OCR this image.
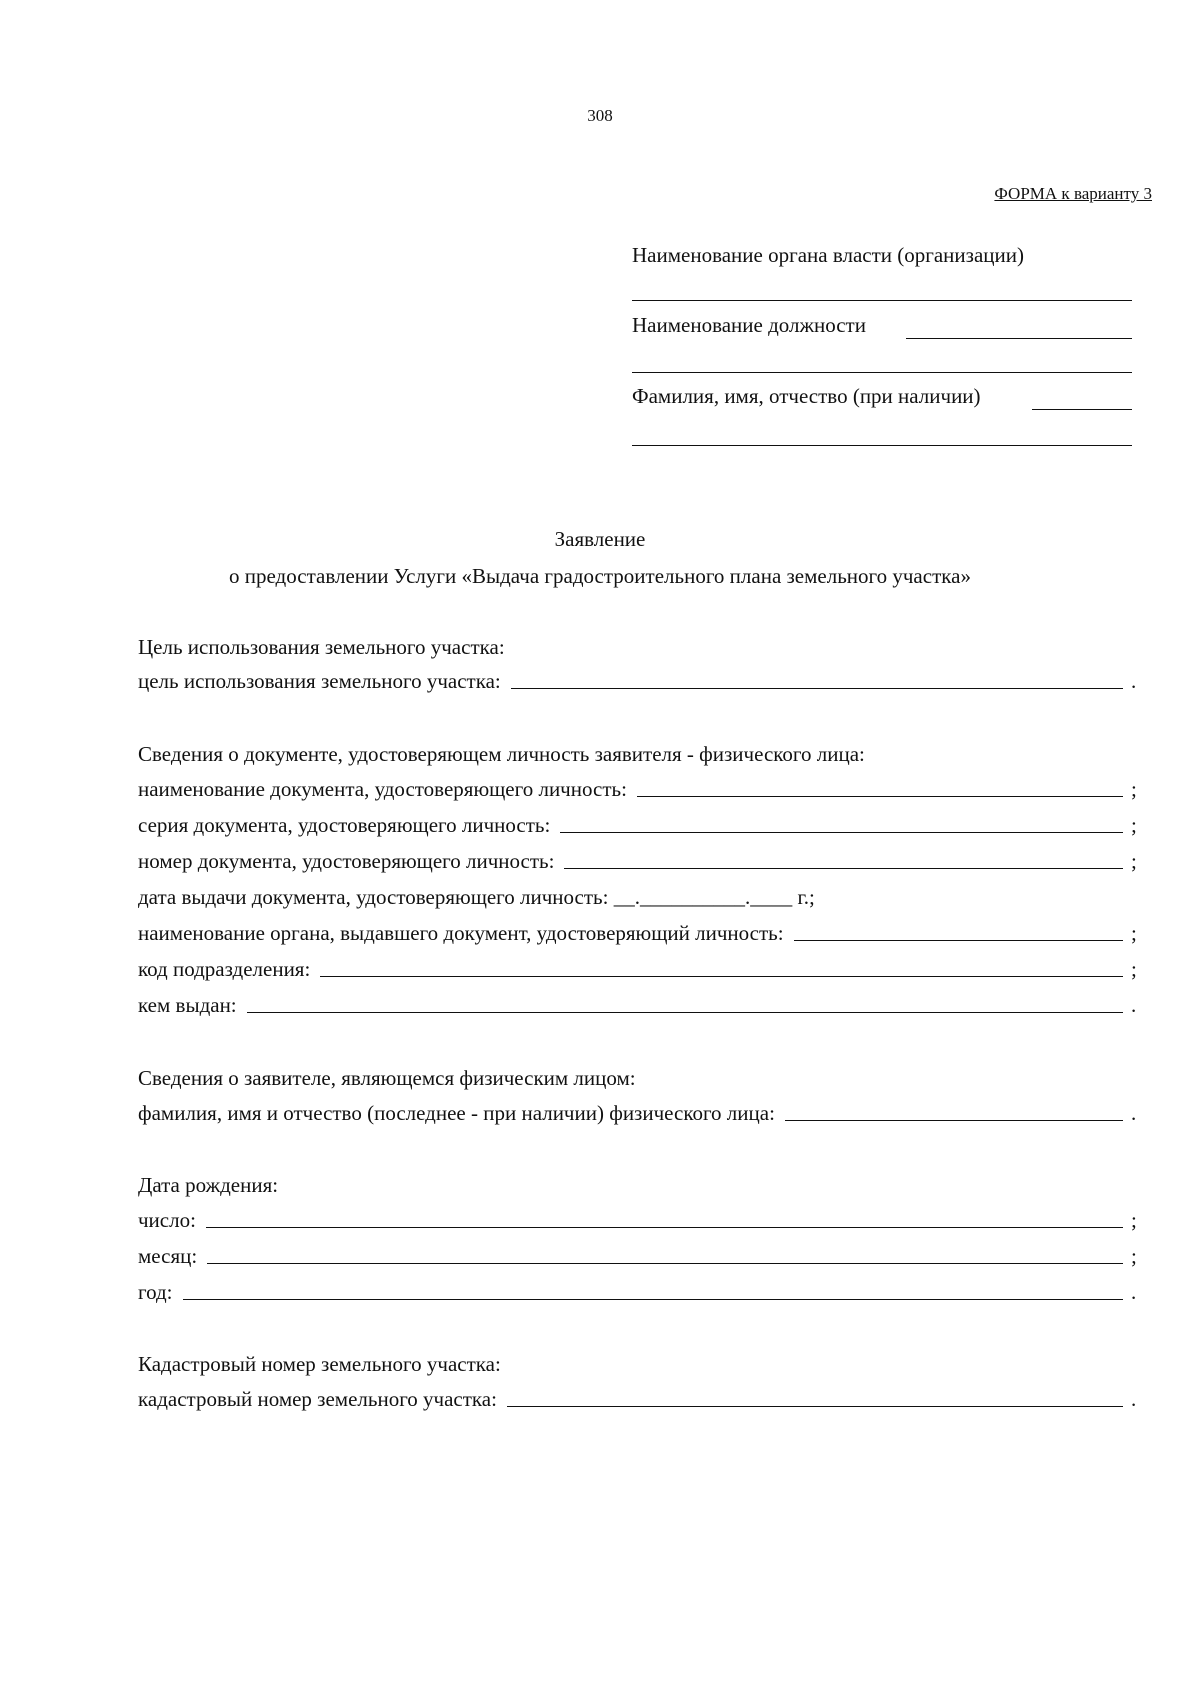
308
ФОРМА к варианту 3
Наименование органа власти (организации)
Наименование должности
Фамилия, имя, отчество (при наличии)
Заявление
о предоставлении Услуги «Выдача градостроительного плана земельного участка»
Цель использования земельного участка:
цель использования земельного участка:	.
Сведения о документе, удостоверяющем личность заявителя - физического лица:
наименование документа, удостоверяющего личность:	;
серия документа, удостоверяющего личность:	;
номер документа, удостоверяющего личность:	;
дата выдачи документа, удостоверяющего личность: __.__________.____ г.;
наименование органа, выдавшего документ, удостоверяющий личность:	;
код подразделения:	;
кем выдан:	.
Сведения о заявителе, являющемся физическим лицом:
фамилия, имя и отчество (последнее - при наличии) физического лица:	.
Дата рождения:
число:	;
месяц:	;
год:	.
Кадастровый номер земельного участка:
кадастровый номер земельного участка:	.
